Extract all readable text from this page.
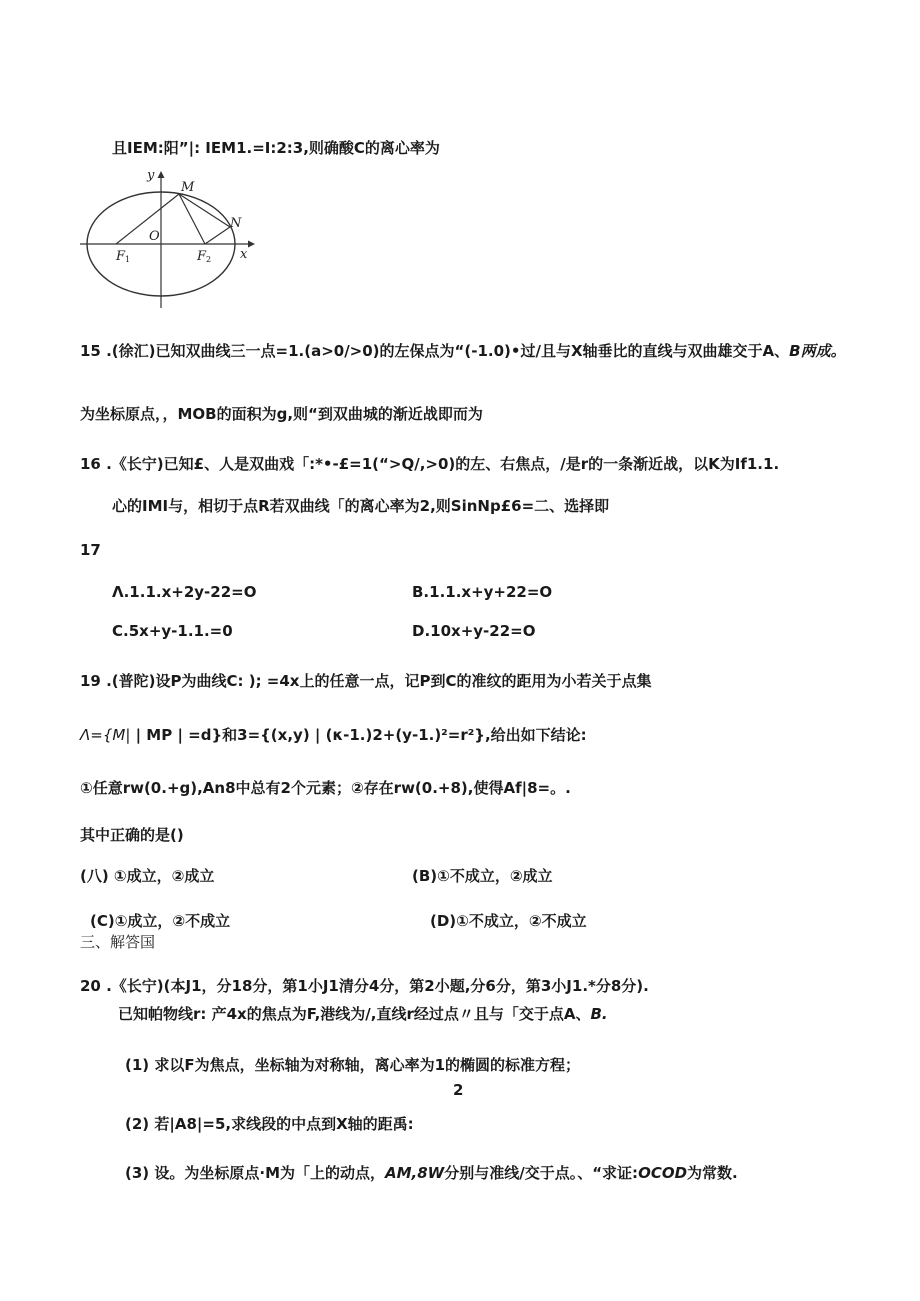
且IEM:阳”|: IEM1.=I:2:3,则确酸C的离心率为
y
x
M
N
O
F 1	F 2
15 .(徐汇)已知双曲线三一点=1.(a>0/>0)的左保点为“(-1.0)•过/且与X轴垂比的直线与双曲雄交于A、B两成。
为坐标原点，，MOB的面积为g,则“到双曲城的渐近战即而为
16 .《长宁)已知£、人是双曲戏「:*•-£=1(“>Q/,>0)的左、右焦点，/是r的一条渐近战，以K为If1.1.
心的IMI与，相切于点R若双曲线「的离心率为2,则SinNp£6=二、选择即
17
Λ.1.1.x+2y-22=O	B.1.1.x+y+22=O
C.5x+y-1.1.=0	D.10x+y-22=O
19 .(普陀)设P为曲线C: ); =4x上的任意一点，记P到C的准纹的距用为小若关于点集
Λ={M| | MP | =d}和3={(x,y) | (κ-1.)2+(y-1.)²=r²},给出如下结论:
①任意rw(0.+g),An8中总有2个元素；②存在rw(0.+8),使得Af|8=。.
其中正确的是()
(八) ①成立，②成立	(B)①不成立，②成立
(C)①成立，②不成立	(D)①不成立，②不成立
三、解答国
20 .《长宁)(本J1，分18分，第1小J1清分4分，第2小题,分6分，第3小J1.*分8分).
已知帕物线r: 产4x的焦点为F,港线为/,直线r经过点〃且与「交于点A、B.
(1) 求以F为焦点，坐标轴为对称轴，离心率为1的椭圆的标准方程；
2
(2) 若|A8|=5,求线段的中点到X轴的距禹:
(3) 设。为坐标原点·M为「上的动点，AM,8W分别与准线/交于点。、“求证:OCOD为常数.
